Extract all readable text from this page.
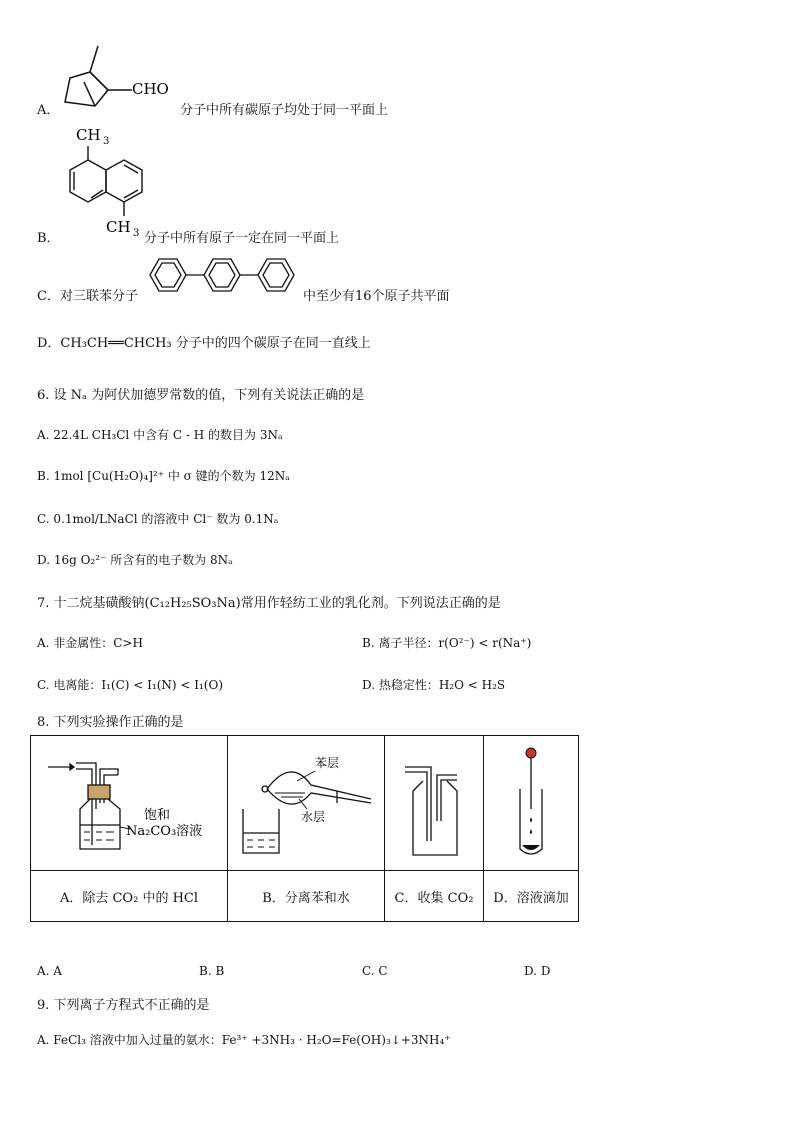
A．
CHO
分子中所有碳原子均处于同一平面上
CH 3
CH 3
B．	分子中所有原子一定在同一平面上
C．对三联苯分子	中至少有16个原子共平面
D．CH₃CH══CHCH₃ 分子中的四个碳原子在同一直线上
6. 设 Nₐ 为阿伏加德罗常数的值，下列有关说法正确的是
A. 22.4L CH₃Cl 中含有 C - H 的数目为 3Nₐ
B. 1mol [Cu(H₂O)₄]²⁺ 中 σ 键的个数为 12Nₐ
C. 0.1mol/LNaCl 的溶液中 Cl⁻ 数为 0.1Nₐ
D. 16g O₂²⁻ 所含有的电子数为 8Nₐ
7. 十二烷基磺酸钠(C₁₂H₂₅SO₃Na)常用作轻纺工业的乳化剂。下列说法正确的是
A. 非金属性：C>H	B. 离子半径：r(O²⁻) < r(Na⁺)
C. 电离能：I₁(C) < I₁(N) < I₁(O)	D. 热稳定性：H₂O < H₂S
8. 下列实验操作正确的是
饱和
Na₂CO₃溶液	苯层
水层

A．除去 CO₂ 中的 HCl	B．分离苯和水	C．收集 CO₂	D．溶液滴加
A. A	B. B	C. C	D. D
9. 下列离子方程式不正确的是
A. FeCl₃ 溶液中加入过量的氨水：Fe³⁺ +3NH₃ · H₂O=Fe(OH)₃↓+3NH₄⁺
